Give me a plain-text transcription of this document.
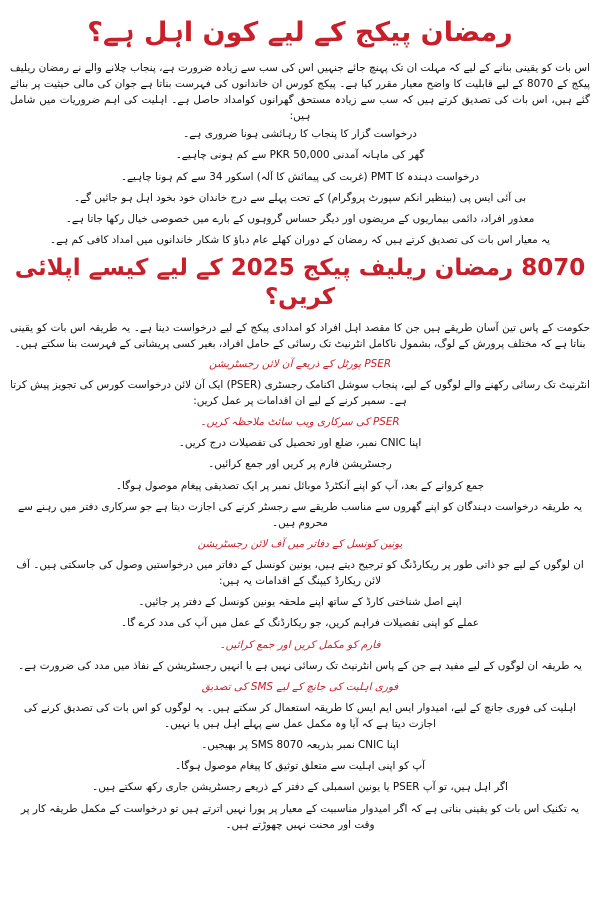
رمضان پیکج کے لیے کون اہل ہے؟

اس بات کو یقینی بنانے کے لیے کہ مہلت ان تک پہنچ جائے جنہیں اس کی سب سے زیادہ ضرورت ہے، پنجاب چلانے والے نے رمضان ریلیف پیکج کے 8070 کے لیے قابلیت کا واضح معیار مقرر کیا ہے۔ پیکج کورس ان خاندانوں کی فہرست بناتا ہے جوان کی مالی حیثیت پر بنائے گئے ہیں، اس بات کی تصدیق کرتے ہیں کہ سب سے زیادہ مستحق گھرانوں کوامداد حاصل ہے۔ اہلیت کی اہم ضروریات میں شامل ہیں:

درخواست گزار کا پنجاب کا رہائشی ہونا ضروری ہے۔

گھر کی ماہانہ آمدنی PKR 50,000 سے کم ہونی چاہیے۔

درخواست دہندہ کا PMT (غربت کی پیمائش کا آلہ) اسکور 34 سے کم ہونا چاہیے۔

بی آئی ایس پی (بینظیر انکم سپورٹ پروگرام) کے تحت پہلے سے درج خاندان خود بخود اہل ہو جائیں گے۔

معذور افراد، دائمی بیماریوں کے مریضوں اور دیگر حساس گروہوں کے بارے میں خصوصی خیال رکھا جاتا ہے۔

یہ معیار اس بات کی تصدیق کرتے ہیں کہ رمضان کے دوران کھلے عام دباؤ کا شکار خاندانوں میں امداد کافی کم ہے۔

8070 رمضان ریلیف پیکج 2025 کے لیے کیسے اپلائی کریں؟

حکومت کے پاس تین آسان طریقے ہیں جن کا مقصد اہل افراد کو امدادی پیکج کے لیے درخواست دینا ہے۔ یہ طریقہ اس بات کو یقینی بناتا ہے کہ مختلف پرورش کے لوگ، بشمول ناکامل انٹرنیٹ تک رسائی کے حامل افراد، بغیر کسی پریشانی کے فہرست بنا سکتے ہیں۔

PSER پورٹل کے ذریعے آن لائن رجسٹریشن

انٹرنیٹ تک رسائی رکھنے والے لوگوں کے لیے، پنجاب سوشل اکنامک رجسٹری (PSER) ایک آن لائن درخواست کورس کی تجویز پیش کرتا ہے۔ سمیر کرنے کے لیے ان اقدامات پر عمل کریں:

PSER کی سرکاری ویب سائٹ ملاحظہ کریں۔

اپنا CNIC نمبر، ضلع اور تحصیل کی تفصیلات درج کریں۔

رجسٹریشن فارم پر کریں اور جمع کرائیں۔

جمع کروانے کے بعد، آپ کو اپنے آنکٹرڈ موبائل نمبر پر ایک تصدیقی پیغام موصول ہوگا۔

یہ طریقہ درخواست دہندگان کو اپنے گھروں سے مناسب طریقے سے رجسٹر کرنے کی اجازت دیتا ہے جو سرکاری دفتر میں رہنے سے محروم ہیں۔

یونین کونسل کے دفاتر میں آف لائن رجسٹریشن

ان لوگوں کے لیے جو ذاتی طور پر ریکارڈنگ کو ترجیح دیتے ہیں، یونین کونسل کے دفاتر میں درخواستیں وصول کی جاسکتی ہیں۔ آف لائن ریکارڈ کیپنگ کے اقدامات یہ ہیں:

اپنے اصل شناختی کارڈ کے ساتھ اپنے ملحقہ یونین کونسل کے دفتر پر جائیں۔

عملے کو اپنی تفصیلات فراہم کریں، جو ریکارڈنگ کے عمل میں آپ کی مدد کرے گا۔

فارم کو مکمل کریں اور جمع کرائیں۔

یہ طریقہ ان لوگوں کے لیے مفید ہے جن کے پاس انٹرنیٹ تک رسائی نہیں ہے یا انہیں رجسٹریشن کے نفاذ میں مدد کی ضرورت ہے۔

فوری اہلیت کی جانچ کے لیے SMS کی تصدیق

اہلیت کی فوری جانچ کے لیے، امیدوار ایس ایم ایس کا طریقہ استعمال کر سکتے ہیں۔ یہ لوگوں کو اس بات کی تصدیق کرنے کی اجازت دیتا ہے کہ آیا وہ مکمل عمل سے پہلے اہل ہیں یا نہیں۔

اپنا CNIC نمبر بذریعہ SMS 8070 پر بھیجیں۔

آپ کو اپنی اہلیت سے متعلق توثیق کا پیغام موصول ہوگا۔

اگر اہل ہیں، تو آپ PSER یا یونین اسمبلی کے دفتر کے ذریعے رجسٹریشن جاری رکھ سکتے ہیں۔

یہ تکنیک اس بات کو یقینی بناتی ہے کہ اگر امیدوار مناسبیت کے معیار پر پورا نہیں اترتے ہیں تو درخواست کے مکمل طریقہ کار پر وقت اور محنت نہیں چھوڑتے ہیں۔
